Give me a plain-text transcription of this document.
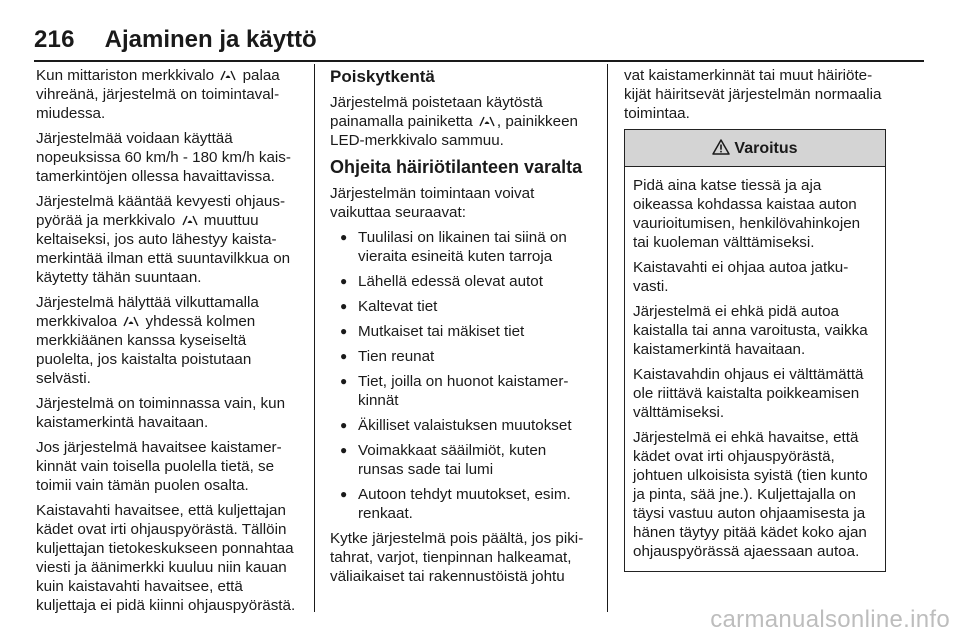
216 Ajaminen ja käyttö

Kun mittariston merkkivalo palaa vihreänä, järjestelmä on toimintavalmiudessa.

Järjestelmää voidaan käyttää nopeuksissa 60 km/h - 180 km/h kaistamerkintöjen ollessa havaittavissa.

Järjestelmä kääntää kevyesti ohjauspyörää ja merkkivalo muuttuu keltaiseksi, jos auto lähestyy kaistamerkintää ilman että suuntavilkkua on käytetty tähän suuntaan.

Järjestelmä hälyttää vilkuttamalla merkkivaloa yhdessä kolmen merkkiäänen kanssa kyseiseltä puolelta, jos kaistalta poistutaan selvästi.

Järjestelmä on toiminnassa vain, kun kaistamerkintä havaitaan.

Jos järjestelmä havaitsee kaistamerkinnät vain toisella puolella tietä, se toimii vain tämän puolen osalta.

Kaistavahti havaitsee, että kuljettajan kädet ovat irti ohjauspyörästä. Tällöin kuljettajan tietokeskukseen ponnahtaa viesti ja äänimerkki kuuluu niin kauan kuin kaistavahti havaitsee, että kuljettaja ei pidä kiinni ohjauspyörästä.

Poiskytkentä

Järjestelmä poistetaan käytöstä painamalla painiketta , painikkeen LED-merkkivalo sammuu.

Ohjeita häiriötilanteen varalta

Järjestelmän toimintaan voivat vaikuttaa seuraavat:

● Tuulilasi on likainen tai siinä on vieraita esineitä kuten tarroja
● Lähellä edessä olevat autot
● Kaltevat tiet
● Mutkaiset tai mäkiset tiet
● Tien reunat
● Tiet, joilla on huonot kaistamerkinnät
● Äkilliset valaistuksen muutokset
● Voimakkaat sääilmiöt, kuten runsas sade tai lumi
● Autoon tehdyt muutokset, esim. renkaat.

Kytke järjestelmä pois päältä, jos pikitahrat, varjot, tienpinnan halkeamat, väliaikaiset tai rakennustöistä johtu

vat kaistamerkinnät tai muut häiriötekijät häiritsevät järjestelmän normaalia toimintaa.

Varoitus

Pidä aina katse tiessä ja aja oikeassa kohdassa kaistaa auton vaurioitumisen, henkilövahinkojen tai kuoleman välttämiseksi.

Kaistavahti ei ohjaa autoa jatkuvasti.

Järjestelmä ei ehkä pidä autoa kaistalla tai anna varoitusta, vaikka kaistamerkintä havaitaan.

Kaistavahdin ohjaus ei välttämättä ole riittävä kaistalta poikkeamisen välttämiseksi.

Järjestelmä ei ehkä havaitse, että kädet ovat irti ohjauspyörästä, johtuen ulkoisista syistä (tien kunto ja pinta, sää jne.). Kuljettajalla on täysi vastuu auton ohjaamisesta ja hänen täytyy pitää kädet koko ajan ohjauspyörässä ajaessaan autoa.

carmanualsonline.info
